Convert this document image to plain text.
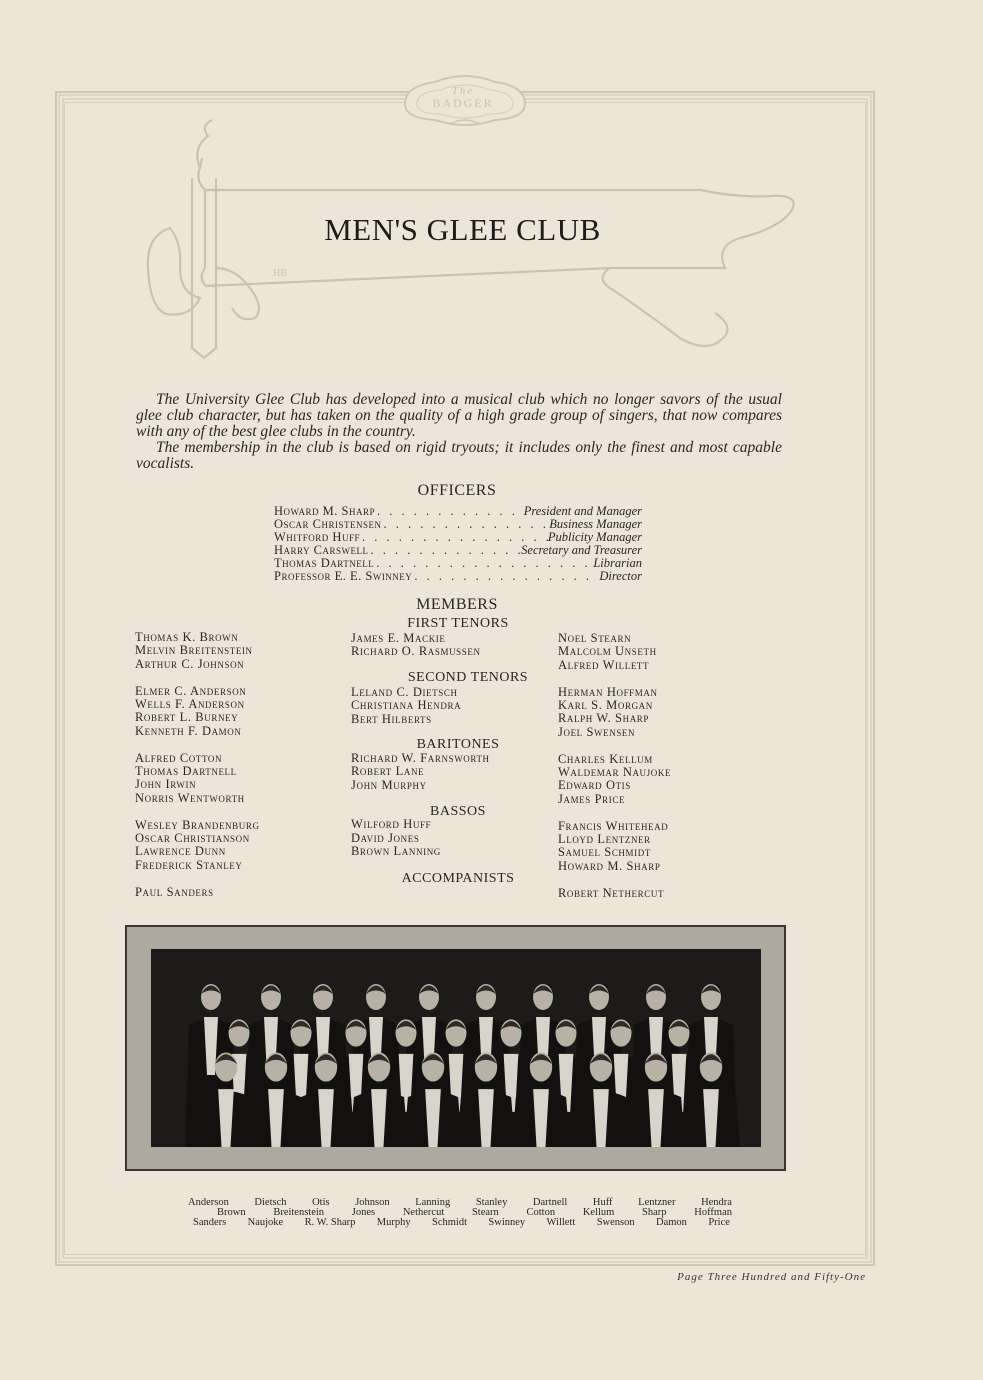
The
BADGER
HB
MEN'S GLEE CLUB

The University Glee Club has developed into a musical club which no longer savors of the usual glee club character, but has taken on the quality of a high grade group of singers, that now compares with any of the best glee clubs in the country.

The membership in the club is based on rigid tryouts; it includes only the finest and most capable vocalists.

OFFICERS
Howard M. Sharp . . .	President and Manager
Oscar Christensen . . .	Business Manager
Whitford Huff . . .	Publicity Manager
Harry Carswell . . .	Secretary and Treasurer
Thomas Dartnell . . .	Librarian
Professor E. E. Swinney . . .	Director
MEMBERS
FIRST TENORS
SECOND TENORS
BARITONES
BASSOS
ACCOMPANISTS
Thomas K. Brown
Melvin Breitenstein
Arthur C. Johnson
Elmer C. Anderson
Wells F. Anderson
Robert L. Burney
Kenneth F. Damon
Alfred Cotton
Thomas Dartnell
John Irwin
Norris Wentworth
Wesley Brandenburg
Oscar Christianson
Lawrence Dunn
Frederick Stanley
Paul Sanders
James E. Mackie
Richard O. Rasmussen
Leland C. Dietsch
Christiana Hendra
Bert Hilberts
Richard W. Farnsworth
Robert Lane
John Murphy
Wilford Huff
David Jones
Brown Lanning
Noel Stearn
Malcolm Unseth
Alfred Willett
Herman Hoffman
Karl S. Morgan
Ralph W. Sharp
Joel Swensen
Charles Kellum
Waldemar Naujoke
Edward Otis
James Price
Francis Whitehead
Lloyd Lentzner
Samuel Schmidt
Howard M. Sharp
Robert Nethercut
Anderson Dietsch Otis Johnson Lanning Stanley Dartnell Huff Lentzner Hendra
Brown	Breitenstein	Jones	Nethercut	Stearn	Cotton	Kellum	Sharp	Hoffman
Sanders Naujoke R. W. Sharp Murphy Schmidt Swinney Willett Swenson Damon Price
Page Three Hundred and Fifty-One
